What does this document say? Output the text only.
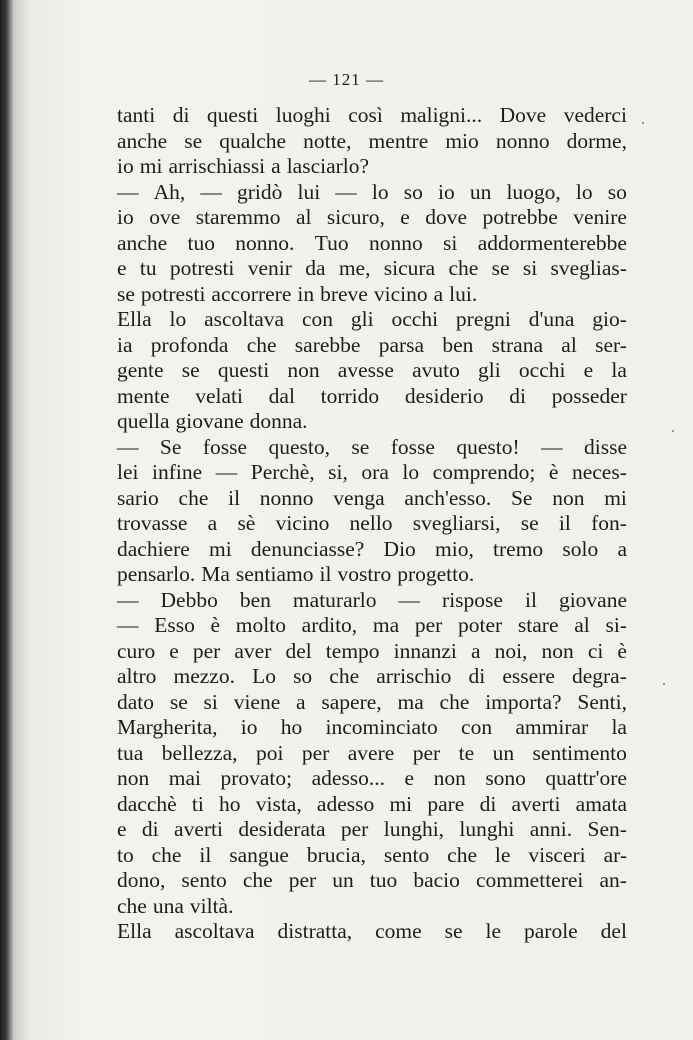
— 121 —
tanti di questi luoghi così maligni... Dove vederci
anche se qualche notte, mentre mio nonno dorme,
io mi arrischiassi a lasciarlo?
— Ah, — gridò lui — lo so io un luogo, lo so
io ove staremmo al sicuro, e dove potrebbe venire
anche tuo nonno. Tuo nonno si addormenterebbe
e tu potresti venir da me, sicura che se si sveglias-
se potresti accorrere in breve vicino a lui.
Ella lo ascoltava con gli occhi pregni d'una gio-
ia profonda che sarebbe parsa ben strana al ser-
gente se questi non avesse avuto gli occhi e la
mente velati dal torrido desiderio di posseder
quella giovane donna.
— Se fosse questo, se fosse questo! — disse
lei infine — Perchè, si, ora lo comprendo; è neces-
sario che il nonno venga anch'esso. Se non mi
trovasse a sè vicino nello svegliarsi, se il fon-
dachiere mi denunciasse? Dio mio, tremo solo a
pensarlo. Ma sentiamo il vostro progetto.
— Debbo ben maturarlo — rispose il giovane
— Esso è molto ardito, ma per poter stare al si-
curo e per aver del tempo innanzi a noi, non ci è
altro mezzo. Lo so che arrischio di essere degra-
dato se si viene a sapere, ma che importa? Senti,
Margherita, io ho incominciato con ammirar la
tua bellezza, poi per avere per te un sentimento
non mai provato; adesso... e non sono quattr'ore
dacchè ti ho vista, adesso mi pare di averti amata
e di averti desiderata per lunghi, lunghi anni. Sen-
to che il sangue brucia, sento che le visceri ar-
dono, sento che per un tuo bacio commetterei an-
che una viltà.
Ella ascoltava distratta, come se le parole del
